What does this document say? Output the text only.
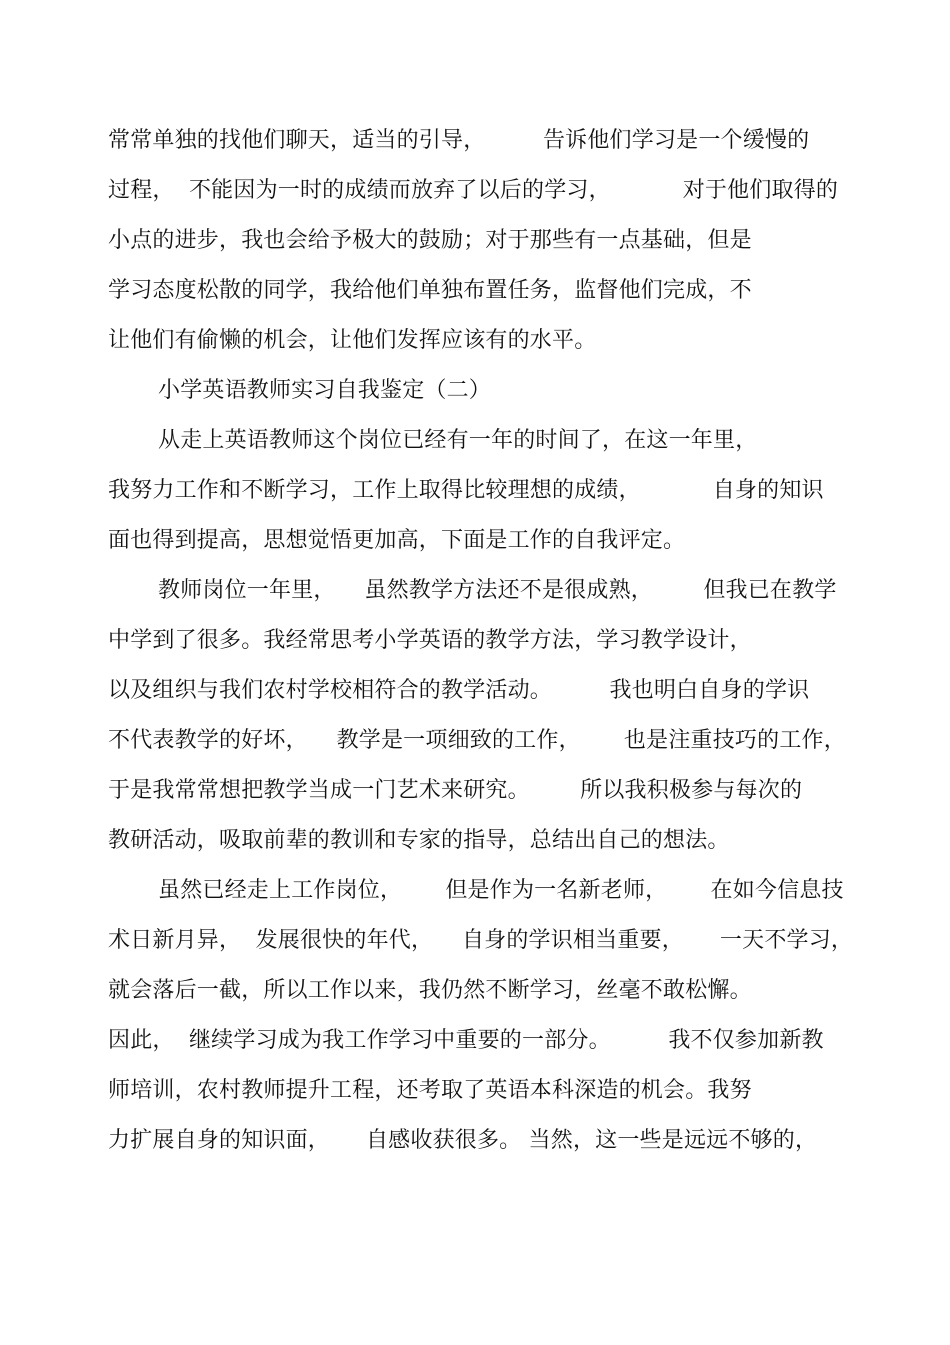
常常单独的找他们聊天，适当的引导，        告诉他们学习是一个缓慢的
过程，  不能因为一时的成绩而放弃了以后的学习，          对于他们取得的
小点的进步，我也会给予极大的鼓励；对于那些有一点基础，但是
学习态度松散的同学，我给他们单独布置任务，监督他们完成，不
让他们有偷懒的机会，让他们发挥应该有的水平。
小学英语教师实习自我鉴定（二）
从走上英语教师这个岗位已经有一年的时间了，在这一年里，
我努力工作和不断学习，工作上取得比较理想的成绩，          自身的知识
面也得到提高，思想觉悟更加高，下面是工作的自我评定。
教师岗位一年里，    虽然教学方法还不是很成熟，       但我已在教学
中学到了很多。我经常思考小学英语的教学方法，学习教学设计，
以及组织与我们农村学校相符合的教学活动。        我也明白自身的学识
不代表教学的好坏，    教学是一项细致的工作，      也是注重技巧的工作，
于是我常常想把教学当成一门艺术来研究。       所以我积极参与每次的
教研活动，吸取前辈的教训和专家的指导，总结出自己的想法。
虽然已经走上工作岗位，      但是作为一名新老师，      在如今信息技
术日新月异，  发展很快的年代，    自身的学识相当重要，     一天不学习，
就会落后一截，所以工作以来，我仍然不断学习，丝毫不敢松懈。
因此，  继续学习成为我工作学习中重要的一部分。        我不仅参加新教
师培训，农村教师提升工程，还考取了英语本科深造的机会。我努
力扩展自身的知识面，     自感收获很多。 当然，这一些是远远不够的，
